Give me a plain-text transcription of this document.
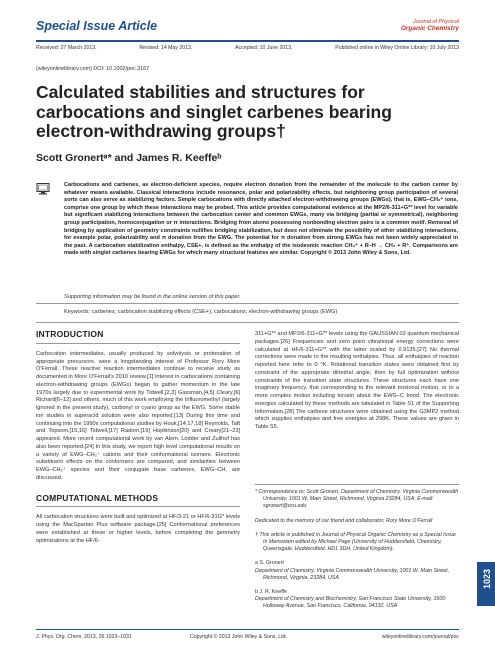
Special Issue Article	Journal of Physical
Organic Chemistry
Received: 27 March 2013,	Revised: 14 May 2013,	Accepted: 10 June 2013,	Published online in Wiley Online Library: 10 July 2013
(wileyonlinelibrary.com) DOI: 10.1002/poc.3167
Calculated stabilities and structures for carbocations and singlet carbenes bearing electron-withdrawing groups†
Scott Gronertᵃ* and James R. Keeffeᵇ
Carbocations and carbenes, as electron-deficient species, require electron donation from the remainder of the molecule to the carbon center by whatever means available. Classical interactions include resonance, polar and polarizability effects, but neighboring group participation of several sorts can also serve as stabilizing factors. Simple carbocations with directly attached electron-withdrawing groups (EWGs), that is, EWG–CH₂⁺ ions, comprise one group by which these interactions may be probed. This article provides computational evidence at the MP2/6-311+G** level for variable but significant stabilizing interactions between the carbocation center and common EWGs, many via bridging (partial or symmetrical), neighboring group participation, homoconjugation or π interactions. Bridging from atoms possessing nonbonding electron pairs is a common motif. Removal of bridging by application of geometry constraints nullifies bridging stabilization, but does not eliminate the possibility of other stabilizing interactions, for example polar, polarizability and π donation from the EWG. The potential for π donation from strong EWGs has not been widely appreciated in the past. A carbocation stabilization enthalpy, CSE+, is defined as the enthalpy of the isodesmic reaction CH₃⁺ + R–H → CH₄ + R⁺. Comparisons are made with singlet carbenes bearing EWGs for which many structural features are similar. Copyright © 2013 John Wiley & Sons, Ltd.
Supporting information may be found in the online version of this paper.
Keywords: carbenes; carbocation stabilizing effects (CSE+); carbocations; electron-withdrawing groups (EWG)
INTRODUCTION

Carbocation intermediates, usually produced by solvolysis or protonation of appropriate precursors, were a longstanding interest of Professor Rory More O'Ferrall. These reactive reaction intermediates continue to receive study as documented in More O'Ferrall's 2010 review.[1] Interest in carbocations containing electron-withdrawing groups (EWGs) began to gather momentum in the late 1970s largely due to experimental work by Tidwell,[2,3] Gassman,[4,5] Cleary,[6] Richard[6–12] and others, much of this work employing the trifluoromethyl (largely ignored in the present study), carbonyl or cyano group as the EWG. Some stable ion studies in superacid solution were also reported.[13] During this time and continuing into the 1990s computational studies by Houk,[14,17,18] Reynolds, Taft and Topsom,[15,16] Tidwell,[17] Radom,[19] Hopkinson[20] and Creary[21–23] appeared. More recent computational work by van Alem, Lodder and Zuilhof has also been reported.[24] In this study, we report high level computational results on a variety of EWG–CH₂⁺ cations and their conformational isomers. Electronic substituent effects on the conformers are compared, and similarities between EWG–CH₂⁺ species and their conjugate base carbenes, EWG–CH, are discussed.

COMPUTATIONAL METHODS

All carbocation structures were built and optimized at HF/3-21 or HF/6-31G* levels using the MacSpartan Plus software package.[25] Conformational preferences were established at these or higher levels, before completing the geometry optimizations at the HF/6-

311+G** and MP2/6-311+G** levels using the GAUSSIAN 03 quantum mechanical packages.[26] Frequencies and zero point vibrational energy corrections were calculated at HF/6-311+G** with the latter scaled by 0.9135.[27] No thermal corrections were made to the resulting enthalpies. Thus, all enthalpies of reaction reported here refer to 0 °K. Rotational transition states were obtained first by constraint of the appropriate dihedral angle, then by full optimization without constraints of the transition state structures. These structures each have one imaginary frequency, that corresponding to the relevant torsional motion, or to a more complex motion including torsion about the EWG–C bond. The electronic energies calculated by these methods are tabulated in Table S1 of the Supporting Information.[28] The carbene structures were obtained using the G3MP2 method which supplies enthalpies and free energies at 298K. These values are given in Table S5.

* Correspondence to: Scott Gronert, Department of Chemistry, Virginia Commonwealth University, 1001 W. Main Street, Richmond, Virginia 23284, USA. E-mail: sgronert@vcu.edu

Dedicated to the memory of our friend and collaborator, Rory More O'Ferrall

† This article is published in Journal of Physical Organic Chemistry as a Special Issue In Memoriam edited by Michael Page (University of Huddersfield, Chemistry, Queensgate, Huddersfield, HD1 3DH, United Kingdom).

a S. Gronert

Department of Chemistry, Virginia Commonwealth University, 1001 W. Main Street, Richmond, Virginia, 23284, USA

b J. R. Keeffe

Department of Chemistry and Biochemistry, San Francisco State University, 1600 Holloway Avenue, San Francisco, California, 94132, USA

1023
J. Phys. Org. Chem. 2013, 26 1023–1031	Copyright © 2013 John Wiley & Sons, Ltd.	wileyonlinelibrary.com/journal/poc
